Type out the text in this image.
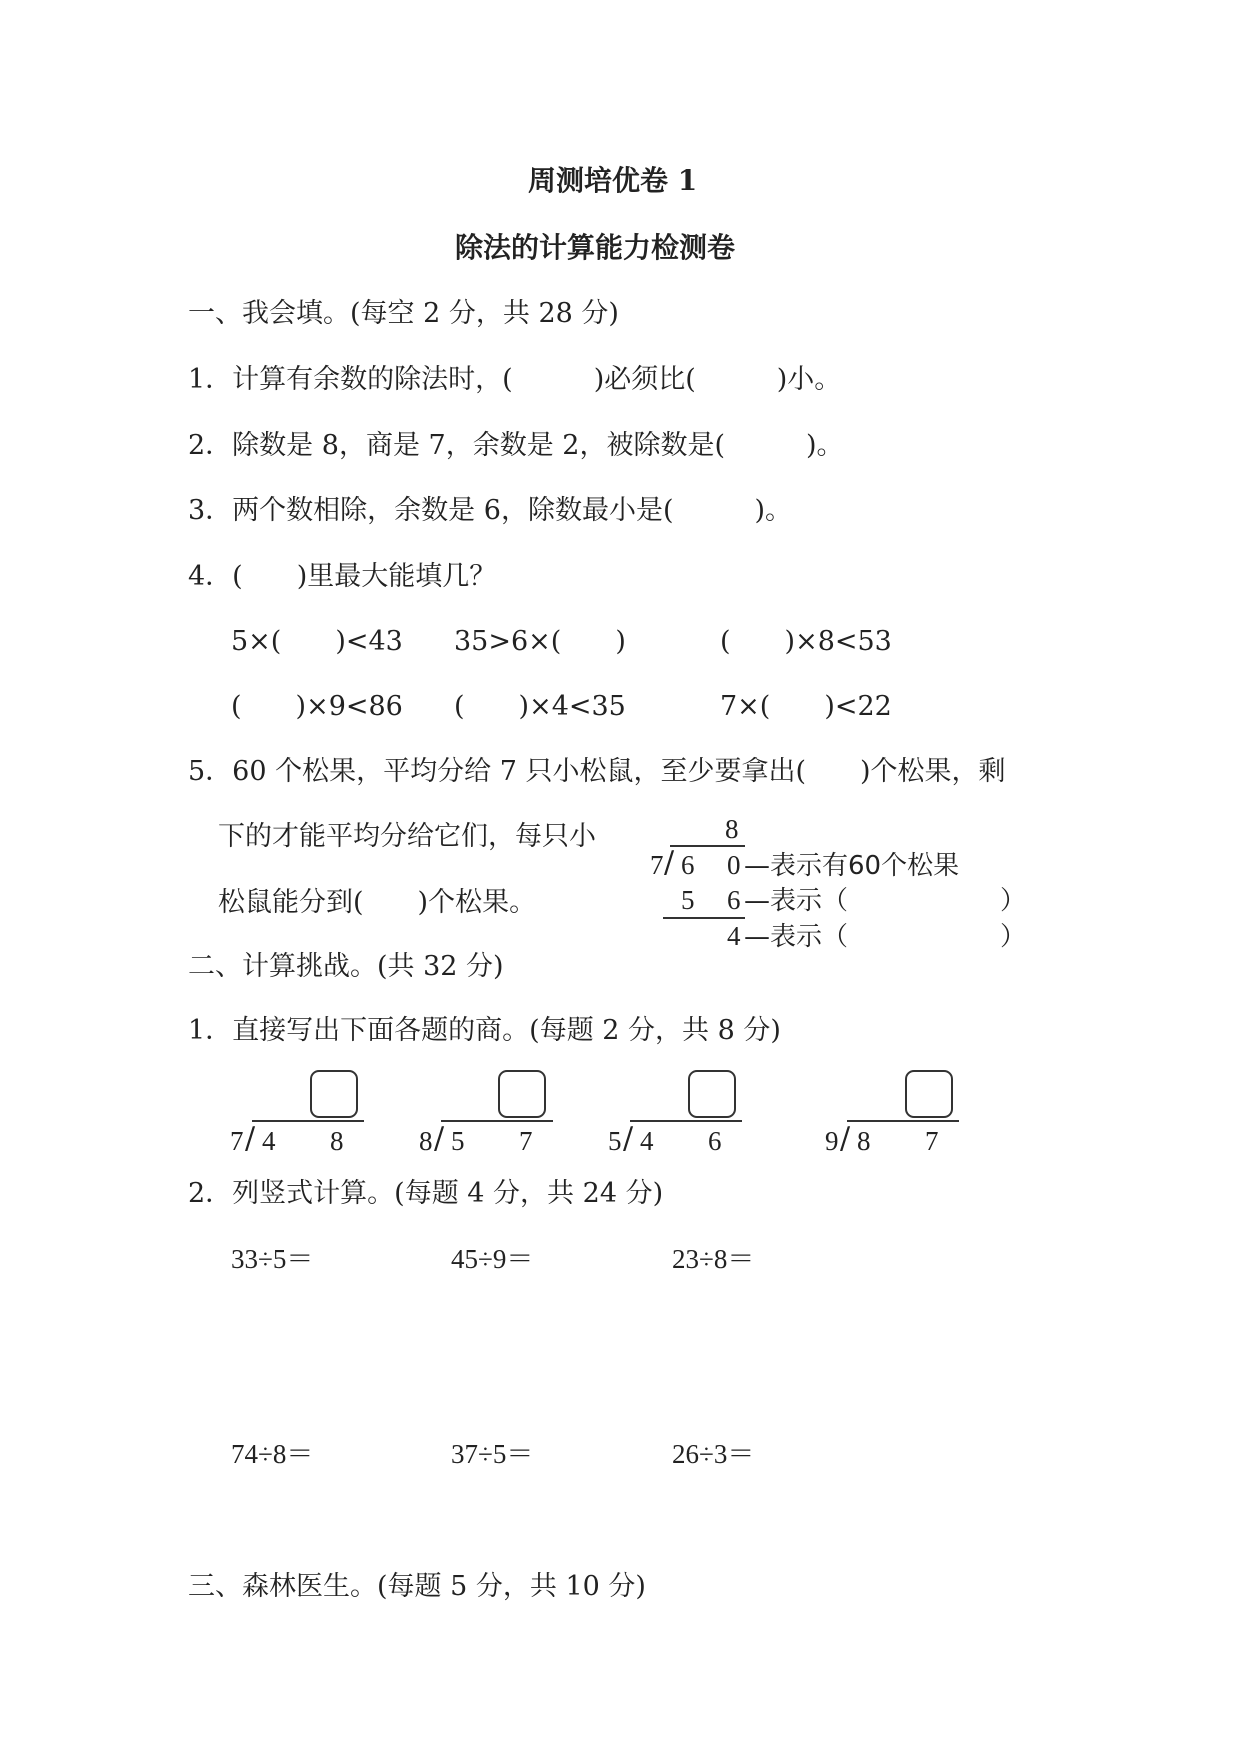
周测培优卷 1
除法的计算能力检测卷
一、我会填。(每空 2 分，共 28 分)
1．计算有余数的除法时，(　　　)必须比(　　　)小。
2．除数是 8，商是 7，余数是 2，被除数是(　　　)。
3．两个数相除，余数是 6，除数最小是(　　　)。
4．(　　)里最大能填几？
5×(　　)<43 35>6×(　　)	(　　)×8<53
(　　)×9<86 (　　)×4<35	7×(　　)<22
5．60 个松果，平均分给 7 只小松鼠，至少要拿出(　　)个松果，剩
下的才能平均分给它们，每只小
松鼠能分到(　　)个松果。
8
7 / 6 0 —表示有60个松果
5 6 —表示（	）
4 —表示（	）
二、计算挑战。(共 32 分)
1．直接写出下面各题的商。(每题 2 分，共 8 分)
7 / 4 8	8 / 5 7	5 / 4 6	9 / 8 7
2．列竖式计算。(每题 4 分，共 24 分)
33÷5＝	45÷9＝	23÷8＝
74÷8＝	37÷5＝	26÷3＝
三、森林医生。(每题 5 分，共 10 分)
